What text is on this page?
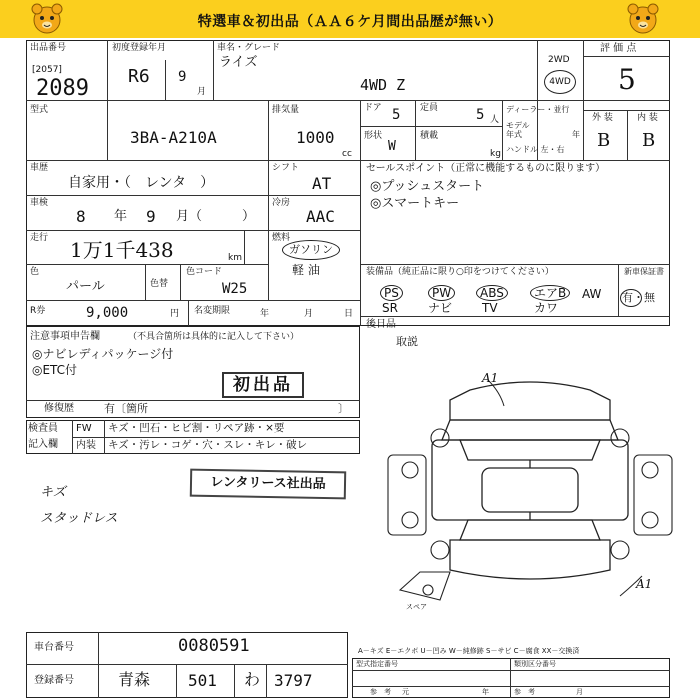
特選車＆初出品（ＡＡ６ケ月間出品歴が無い）
出品番号
[2057]
2089
初度登録年月
R6 9
月
車名・グレード
ライズ
4WD Z
2WD
4WD
評 価 点
5
外 装	内 装
B B
型式
3BA-A210A
排気量
1000
cc
ドア 5 定員	5 人
形状
W
積載
kg
ディーラー・並行
モデル
年式	年
ハンドル 左・右
車歴
自家用・（　レンタ　）
シフト
AT
セールスポイント（正常に機能するものに限ります）
◎プッシュスタート
◎スマートキー
車検
8 年 9 月（	）
冷房
AAC
走行 1万1千438	km
燃料
ガソリン
軽 油	装備品（純正品に限り○印をつけてください）	新車保証書
PS	PW	ABS	エアB	AW
SR	ナビ TV	カワ
有・無
色
パール	色替
色コード
W25
R券	9,000	円 名変期限	年	月	日
注意事項申告欄	（不具合箇所は具体的に記入して下さい）
◎ナビレディパッケージ付
◎ETC付
初出品
修復歴	有〔箇所	〕
後日品
取説
検査員
記入欄
FW キズ・凹石・ヒビ割・リペア跡・×要
内装 キズ・汚レ・コゲ・穴・スレ・キレ・破レ
キズ
スタッドレス
レンタリース社出品
A1
A1
スペア
車台番号	0080591
登録番号	青森 501 わ 3797
A－キズ E－エクボ U－凹み W－純修跡 S－サビ C－腐食 XX－交換済
型式指定番号
参　考
類別区分番号
参　考
元	年	月
